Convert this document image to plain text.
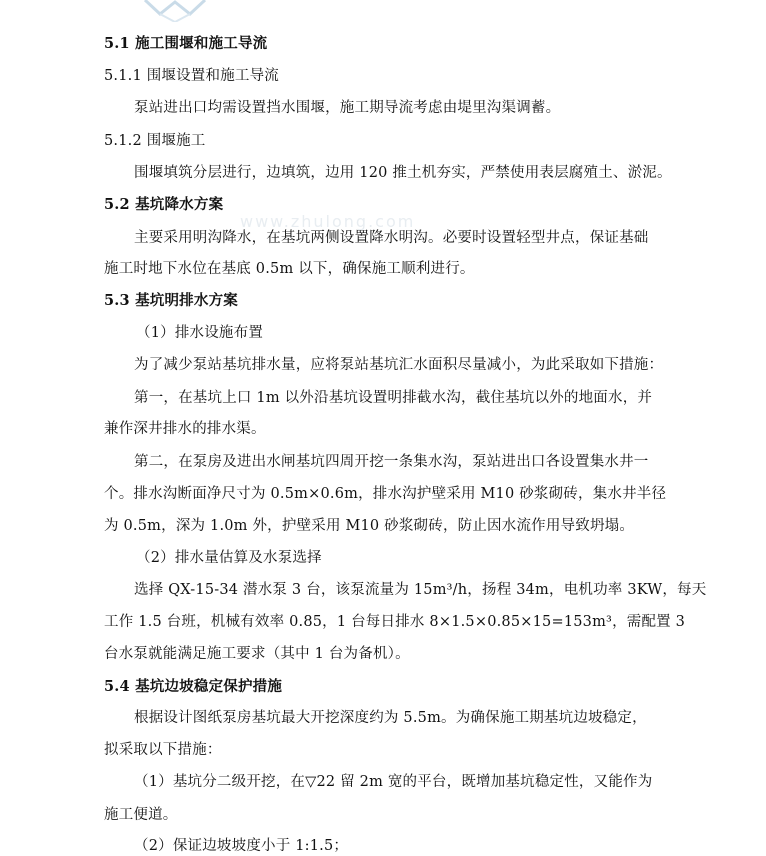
www.zhulong.com
5.1 施工围堰和施工导流
5.1.1 围堰设置和施工导流
泵站进出口均需设置挡水围堰，施工期导流考虑由堤里沟渠调蓄。
5.1.2 围堰施工
围堰填筑分层进行，边填筑，边用 120 推土机夯实，严禁使用表层腐殖土、淤泥。
5.2 基坑降水方案
主要采用明沟降水，在基坑两侧设置降水明沟。必要时设置轻型井点，保证基础
施工时地下水位在基底 0.5m 以下，确保施工顺利进行。
5.3 基坑明排水方案
（1）排水设施布置
为了减少泵站基坑排水量，应将泵站基坑汇水面积尽量减小，为此采取如下措施：
第一，在基坑上口 1m 以外沿基坑设置明排截水沟，截住基坑以外的地面水，并
兼作深井排水的排水渠。
第二，在泵房及进出水闸基坑四周开挖一条集水沟，泵站进出口各设置集水井一
个。排水沟断面净尺寸为 0.5m×0.6m，排水沟护壁采用 M10 砂浆砌砖，集水井半径
为 0.5m，深为 1.0m 外，护壁采用 M10 砂浆砌砖，防止因水流作用导致坍塌。
（2）排水量估算及水泵选择
选择 QX-15-34 潜水泵 3 台，该泵流量为 15m³/h，扬程 34m，电机功率 3KW，每天
工作 1.5 台班，机械有效率 0.85，1 台每日排水 8×1.5×0.85×15=153m³，需配置 3
台水泵就能满足施工要求（其中 1 台为备机）。
5.4 基坑边坡稳定保护措施
根据设计图纸泵房基坑最大开挖深度约为 5.5m。为确保施工期基坑边坡稳定，
拟采取以下措施：
（1）基坑分二级开挖，在▽22 留 2m 宽的平台，既增加基坑稳定性，又能作为
施工便道。
（2）保证边坡坡度小于 1:1.5；
